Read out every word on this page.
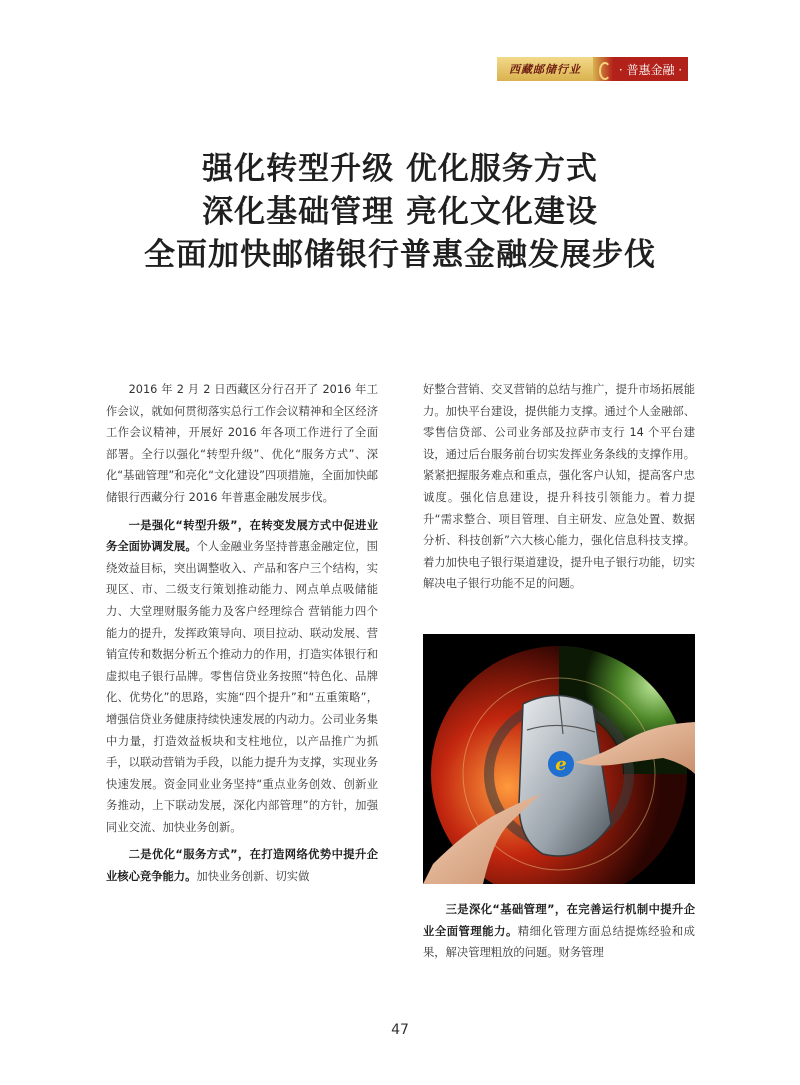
西藏邮储行业	· 普惠金融 ·
强化转型升级 优化服务方式
深化基础管理 亮化文化建设
全面加快邮储银行普惠金融发展步伐

2016 年 2 月 2 日西藏区分行召开了 2016 年工作会议，就如何贯彻落实总行工作会议精神和全区经济工作会议精神，开展好 2016 年各项工作进行了全面部署。全行以强化“转型升级”、优化“服务方式”、深化“基础管理”和亮化“文化建设”四项措施，全面加快邮储银行西藏分行 2016 年普惠金融发展步伐。

一是强化“转型升级”，在转变发展方式中促进业务全面协调发展。个人金融业务坚持普惠金融定位，围绕效益目标，突出调整收入、产品和客户三个结构，实现区、市、二级支行策划推动能力、网点单点吸储能力、大堂理财服务能力及客户经理综合 营销能力四个能力的提升，发挥政策导向、项目拉动、联动发展、营销宣传和数据分析五个推动力的作用，打造实体银行和虚拟电子银行品牌。零售信贷业务按照“特色化、品牌化、优势化”的思路，实施“四个提升”和“五重策略”，增强信贷业务健康持续快速发展的内动力。公司业务集中力量，打造效益板块和支柱地位，以产品推广为抓手，以联动营销为手段，以能力提升为支撑，实现业务快速发展。资金同业业务坚持“重点业务创效、创新业务推动，上下联动发展，深化内部管理”的方针，加强同业交流、加快业务创新。

二是优化“服务方式”，在打造网络优势中提升企业核心竞争能力。加快业务创新、切实做

好整合营销、交叉营销的总结与推广，提升市场拓展能力。加快平台建设，提供能力支撑。通过个人金融部、零售信贷部、公司业务部及拉萨市支行 14 个平台建设，通过后台服务前台切实发挥业务条线的支撑作用。紧紧把握服务难点和重点，强化客户认知，提高客户忠诚度。强化信息建设，提升科技引领能力。着力提升“需求整合、项目管理、自主研发、应急处置、数据分析、科技创新”六大核心能力，强化信息科技支撑。着力加快电子银行渠道建设，提升电子银行功能，切实解决电子银行功能不足的问题。

e

三是深化“基础管理”，在完善运行机制中提升企业全面管理能力。精细化管理方面总结提炼经验和成果，解决管理粗放的问题。财务管理

47
